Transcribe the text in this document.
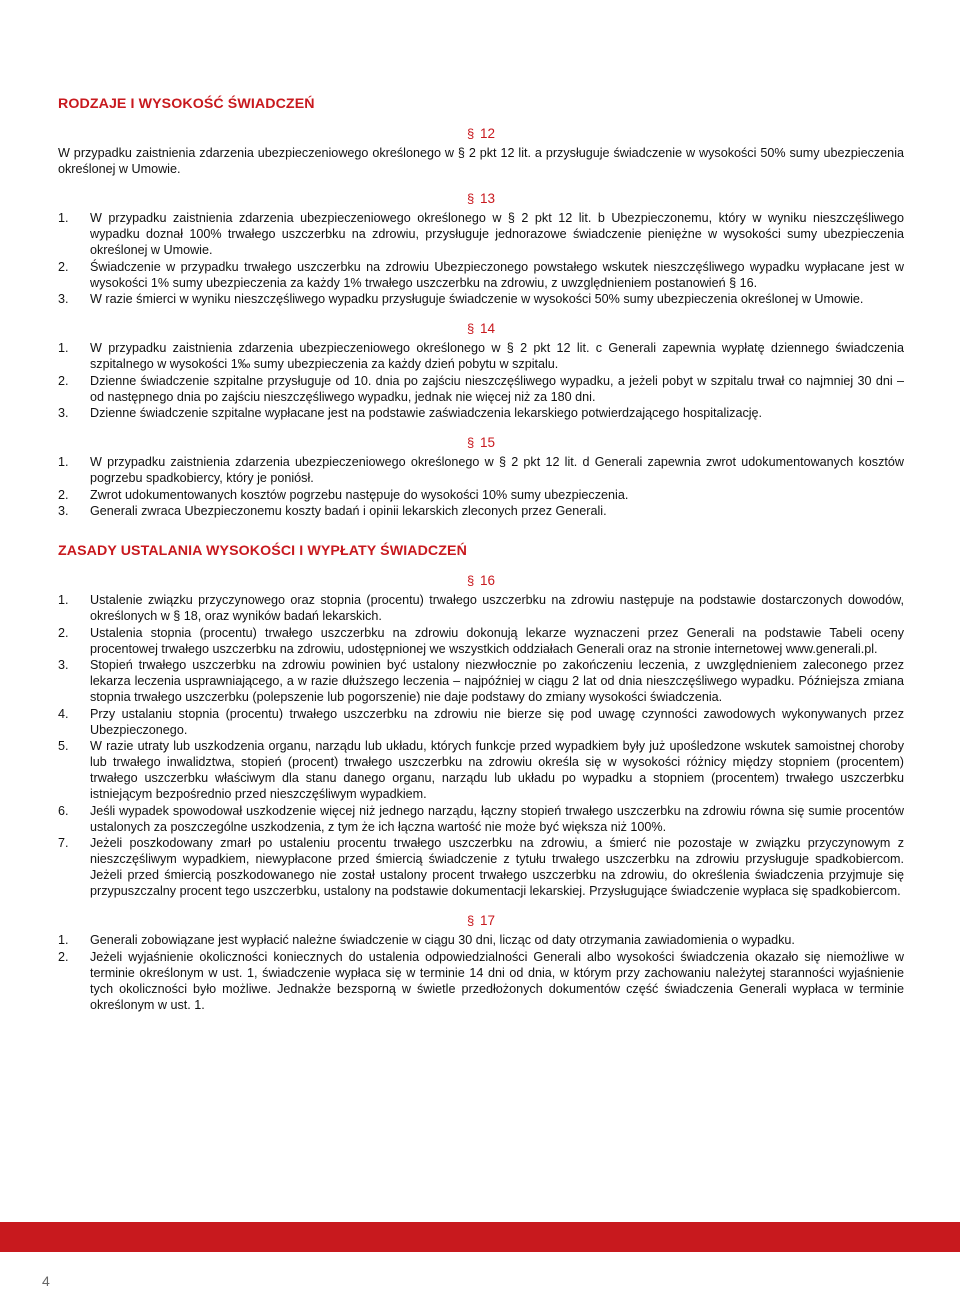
RODZAJE I WYSOKOŚĆ ŚWIADCZEŃ
§ 12

W przypadku zaistnienia zdarzenia ubezpieczeniowego określonego w § 2 pkt 12 lit. a przysługuje świadczenie w wysokości 50% sumy ubezpieczenia określonej w Umowie.

§ 13
1. W przypadku zaistnienia zdarzenia ubezpieczeniowego określonego w § 2 pkt 12 lit. b Ubezpieczonemu, który w wyniku nieszczęśliwego wypadku doznał 100% trwałego uszczerbku na zdrowiu, przysługuje jednorazowe świadczenie pieniężne w wysokości sumy ubezpieczenia określonej w Umowie.
2. Świadczenie w przypadku trwałego uszczerbku na zdrowiu Ubezpieczonego powstałego wskutek nieszczęśliwego wypadku wypłacane jest w wysokości 1% sumy ubezpieczenia za każdy 1% trwałego uszczerbku na zdrowiu, z uwzględnieniem postanowień § 16.
3. W razie śmierci w wyniku nieszczęśliwego wypadku przysługuje świadczenie w wysokości 50% sumy ubezpieczenia określonej w Umowie.
§ 14
1. W przypadku zaistnienia zdarzenia ubezpieczeniowego określonego w § 2 pkt 12 lit. c Generali zapewnia wypłatę dziennego świadczenia szpitalnego w wysokości 1‰ sumy ubezpieczenia za każdy dzień pobytu w szpitalu.
2. Dzienne świadczenie szpitalne przysługuje od 10. dnia po zajściu nieszczęśliwego wypadku, a jeżeli pobyt w szpitalu trwał co najmniej 30 dni – od następnego dnia po zajściu nieszczęśliwego wypadku, jednak nie więcej niż za 180 dni.
3. Dzienne świadczenie szpitalne wypłacane jest na podstawie zaświadczenia lekarskiego potwierdzającego hospitalizację.
§ 15
1. W przypadku zaistnienia zdarzenia ubezpieczeniowego określonego w § 2 pkt 12 lit. d Generali zapewnia zwrot udokumentowanych kosztów pogrzebu spadkobiercy, który je poniósł.
2. Zwrot udokumentowanych kosztów pogrzebu następuje do wysokości 10% sumy ubezpieczenia.
3. Generali zwraca Ubezpieczonemu koszty badań i opinii lekarskich zleconych przez Generali.
ZASADY USTALANIA WYSOKOŚCI I WYPŁATY ŚWIADCZEŃ
§ 16
1. Ustalenie związku przyczynowego oraz stopnia (procentu) trwałego uszczerbku na zdrowiu następuje na podstawie dostarczonych dowodów, określonych w § 18, oraz wyników badań lekarskich.
2. Ustalenia stopnia (procentu) trwałego uszczerbku na zdrowiu dokonują lekarze wyznaczeni przez Generali na podstawie Tabeli oceny procentowej trwałego uszczerbku na zdrowiu, udostępnionej we wszystkich oddziałach Generali oraz na stronie internetowej www.generali.pl.
3. Stopień trwałego uszczerbku na zdrowiu powinien być ustalony niezwłocznie po zakończeniu leczenia, z uwzględnieniem zaleconego przez lekarza leczenia usprawniającego, a w razie dłuższego leczenia – najpóźniej w ciągu 2 lat od dnia nieszczęśliwego wypadku. Późniejsza zmiana stopnia trwałego uszczerbku (polepszenie lub pogorszenie) nie daje podstawy do zmiany wysokości świadczenia.
4. Przy ustalaniu stopnia (procentu) trwałego uszczerbku na zdrowiu nie bierze się pod uwagę czynności zawodowych wykonywanych przez Ubezpieczonego.
5. W razie utraty lub uszkodzenia organu, narządu lub układu, których funkcje przed wypadkiem były już upośledzone wskutek samoistnej choroby lub trwałego inwalidztwa, stopień (procent) trwałego uszczerbku na zdrowiu określa się w wysokości różnicy między stopniem (procentem) trwałego uszczerbku właściwym dla stanu danego organu, narządu lub układu po wypadku a stopniem (procentem) trwałego uszczerbku istniejącym bezpośrednio przed nieszczęśliwym wypadkiem.
6. Jeśli wypadek spowodował uszkodzenie więcej niż jednego narządu, łączny stopień trwałego uszczerbku na zdrowiu równa się sumie procentów ustalonych za poszczególne uszkodzenia, z tym że ich łączna wartość nie może być większa niż 100%.
7. Jeżeli poszkodowany zmarł po ustaleniu procentu trwałego uszczerbku na zdrowiu, a śmierć nie pozostaje w związku przyczynowym z nieszczęśliwym wypadkiem, niewypłacone przed śmiercią świadczenie z tytułu trwałego uszczerbku na zdrowiu przysługuje spadkobiercom. Jeżeli przed śmiercią poszkodowanego nie został ustalony procent trwałego uszczerbku na zdrowiu, do określenia świadczenia przyjmuje się przypuszczalny procent tego uszczerbku, ustalony na podstawie dokumentacji lekarskiej. Przysługujące świadczenie wypłaca się spadkobiercom.
§ 17
1. Generali zobowiązane jest wypłacić należne świadczenie w ciągu 30 dni, licząc od daty otrzymania zawiadomienia o wypadku.
2. Jeżeli wyjaśnienie okoliczności koniecznych do ustalenia odpowiedzialności Generali albo wysokości świadczenia okazało się niemożliwe w terminie określonym w ust. 1, świadczenie wypłaca się w terminie 14 dni od dnia, w którym przy zachowaniu należytej staranności wyjaśnienie tych okoliczności było możliwe. Jednakże bezsporną w świetle przedłożonych dokumentów część świadczenia Generali wypłaca w terminie określonym w ust. 1.
4
